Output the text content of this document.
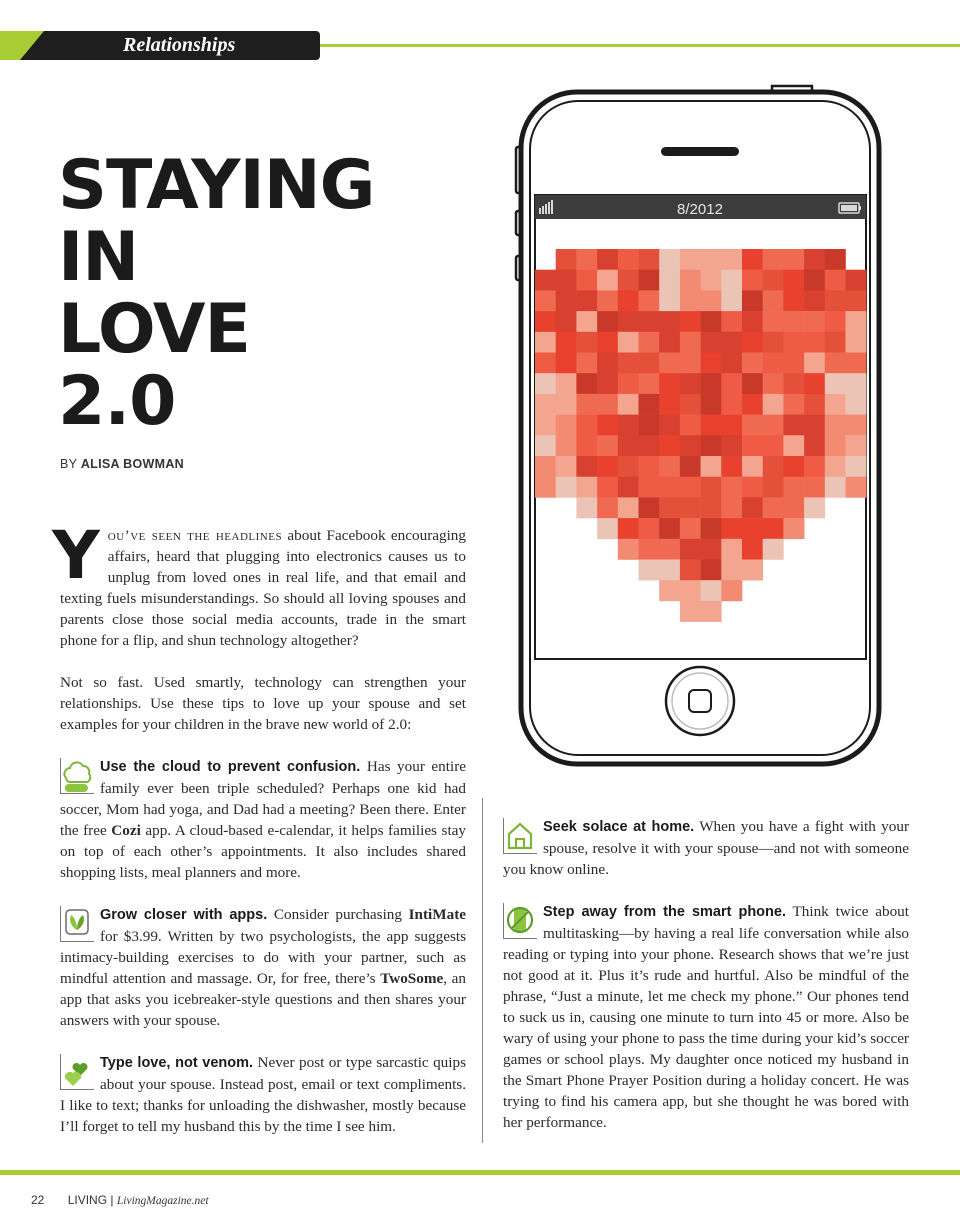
Relationships
STAYING
IN
LOVE
2.0
BY ALISA BOWMAN
8/2012

You’ve seen the headlines about Facebook encouraging affairs, heard that plugging into electronics causes us to unplug from loved ones in real life, and that email and texting fuels misunderstandings. So should all loving spouses and parents close those social media accounts, trade in the smart phone for a flip, and shun technology altogether?

Not so fast. Used smartly, technology can strengthen your relationships. Use these tips to love up your spouse and set examples for your children in the brave new world of 2.0:

Use the cloud to prevent confusion. Has your entire family ever been triple scheduled? Perhaps one kid had soccer, Mom had yoga, and Dad had a meeting? Been there. Enter the free Cozi app. A cloud-based e-calendar, it helps families stay on top of each other’s appointments. It also includes shared shopping lists, meal planners and more.

Grow closer with apps. Consider purchasing IntiMate for $3.99. Written by two psychologists, the app suggests intimacy-building exercises to do with your partner, such as mindful attention and massage. Or, for free, there’s TwoSome, an app that asks you icebreaker-style questions and then shares your answers with your spouse.

Type love, not venom. Never post or type sarcastic quips about your spouse. Instead post, email or text compliments. I like to text; thanks for unloading the dishwasher, mostly because I’ll forget to tell my husband this by the time I see him.

Seek solace at home. When you have a fight with your spouse, resolve it with your spouse—and not with someone you know online.

Step away from the smart phone. Think twice about multitasking—by having a real life conversation while also reading or typing into your phone. Research shows that we’re just not good at it. Plus it’s rude and hurtful. Also be mindful of the phrase, “Just a minute, let me check my phone.” Our phones tend to suck us in, causing one minute to turn into 45 or more. Also be wary of using your phone to pass the time during your kid’s soccer games or school plays. My daughter once noticed my husband in the Smart Phone Prayer Position during a holiday concert. He was trying to find his camera app, but she thought he was bored with her performance.

22 LIVING | LivingMagazine.net
